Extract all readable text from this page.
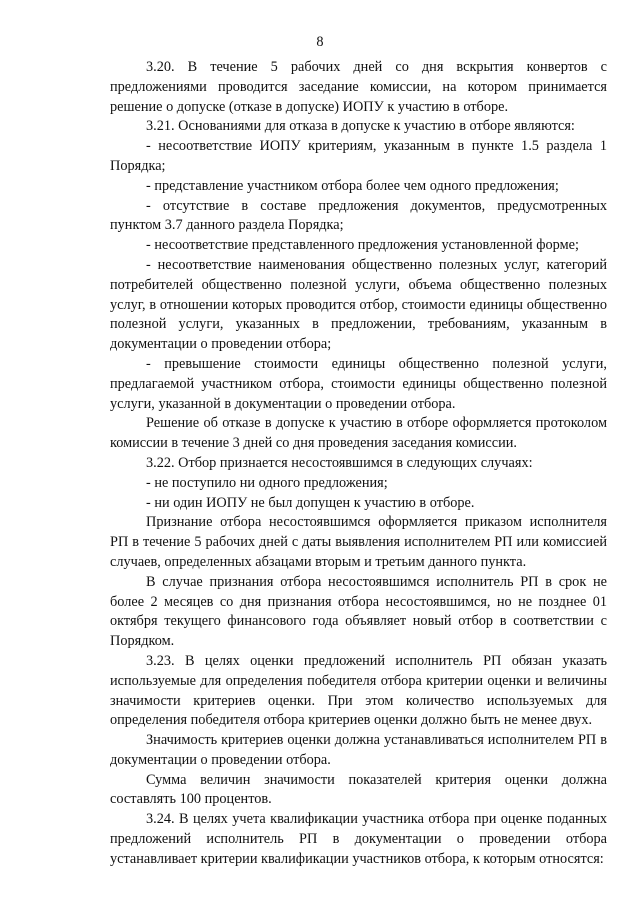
8

3.20. В течение 5 рабочих дней со дня вскрытия конвертов с предложениями проводится заседание комиссии, на котором принимается решение о допуске (отказе в допуске) ИОПУ к участию в отборе.

3.21. Основаниями для отказа в допуске к участию в отборе являются:

- несоответствие ИОПУ критериям, указанным в пункте 1.5 раздела 1 Порядка;

- представление участником отбора более чем одного предложения;

- отсутствие в составе предложения документов, предусмотренных пунктом 3.7 данного раздела Порядка;

- несоответствие представленного предложения установленной форме;

- несоответствие наименования общественно полезных услуг, категорий потребителей общественно полезной услуги, объема общественно полезных услуг, в отношении которых проводится отбор, стоимости единицы общественно полезной услуги, указанных в предложении, требованиям, указанным в документации о проведении отбора;

- превышение стоимости единицы общественно полезной услуги, предлагаемой участником отбора, стоимости единицы общественно полезной услуги, указанной в документации о проведении отбора.

Решение об отказе в допуске к участию в отборе оформляется протоколом комиссии в течение 3 дней со дня проведения заседания комиссии.

3.22. Отбор признается несостоявшимся в следующих случаях:

- не поступило ни одного предложения;

- ни один ИОПУ не был допущен к участию в отборе.

Признание отбора несостоявшимся оформляется приказом исполнителя РП в течение 5 рабочих дней с даты выявления исполнителем РП или комиссией случаев, определенных абзацами вторым и третьим данного пункта.

В случае признания отбора несостоявшимся исполнитель РП в срок не более 2 месяцев со дня признания отбора несостоявшимся, но не позднее 01 октября текущего финансового года объявляет новый отбор в соответствии с Порядком.

3.23. В целях оценки предложений исполнитель РП обязан указать используемые для определения победителя отбора критерии оценки и величины значимости критериев оценки. При этом количество используемых для определения победителя отбора критериев оценки должно быть не менее двух.

Значимость критериев оценки должна устанавливаться исполнителем РП в документации о проведении отбора.

Сумма величин значимости показателей критерия оценки должна составлять 100 процентов.

3.24. В целях учета квалификации участника отбора при оценке поданных предложений исполнитель РП в документации о проведении отбора устанавливает критерии квалификации участников отбора, к которым относятся:
